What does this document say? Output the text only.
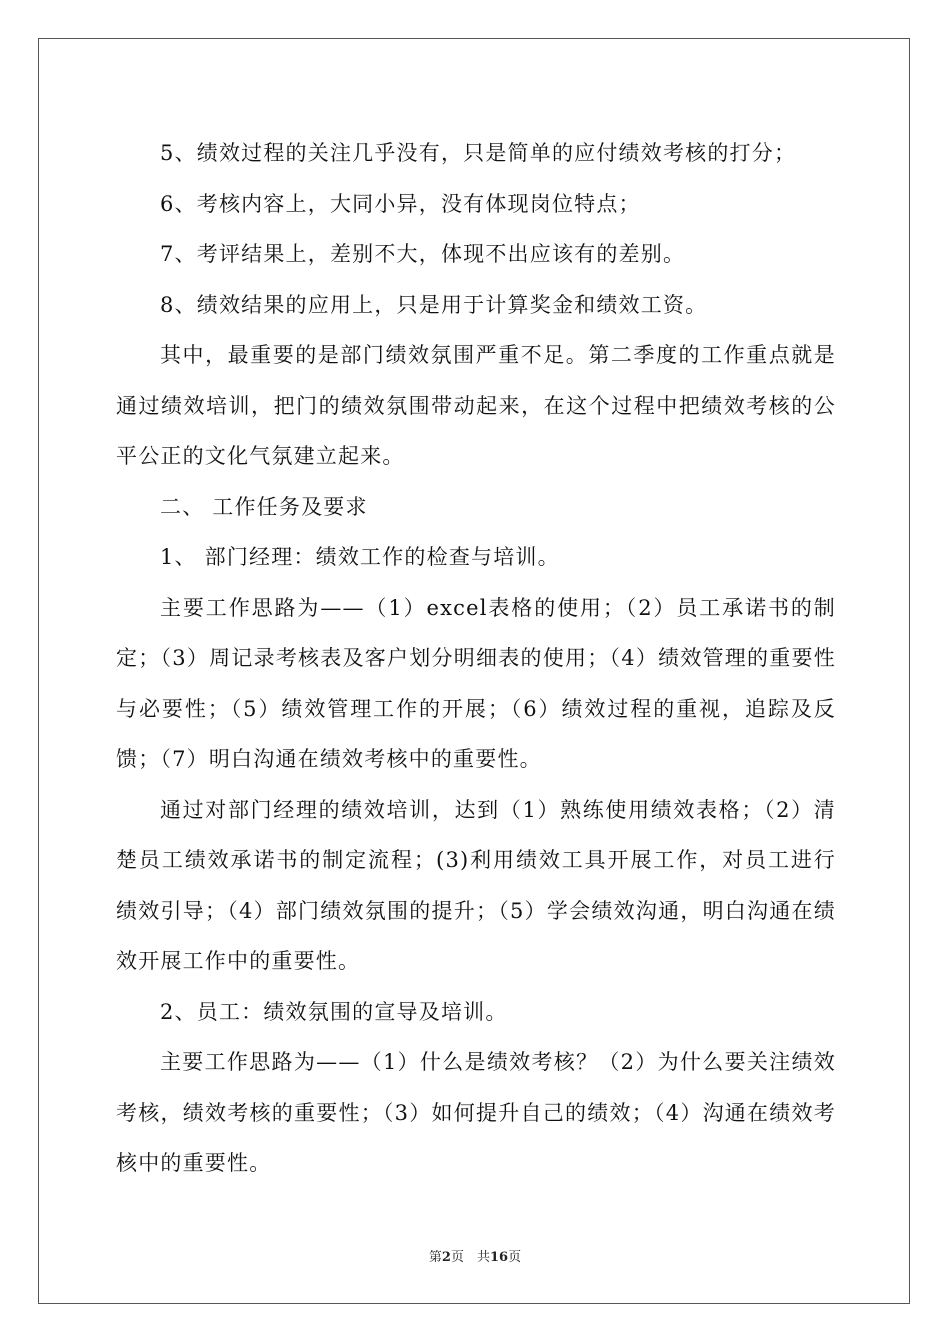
5、绩效过程的关注几乎没有，只是简单的应付绩效考核的打分；

6、考核内容上，大同小异，没有体现岗位特点；

7、考评结果上，差别不大，体现不出应该有的差别。

8、绩效结果的应用上，只是用于计算奖金和绩效工资。

其中，最重要的是部门绩效氛围严重不足。第二季度的工作重点就是通过绩效培训，把门的绩效氛围带动起来，在这个过程中把绩效考核的公平公正的文化气氛建立起来。

二、 工作任务及要求

1、 部门经理：绩效工作的检查与培训。

主要工作思路为——（1）excel表格的使用；（2）员工承诺书的制定；（3）周记录考核表及客户划分明细表的使用；（4）绩效管理的重要性与必要性；（5）绩效管理工作的开展；（6）绩效过程的重视，追踪及反馈；（7）明白沟通在绩效考核中的重要性。

通过对部门经理的绩效培训，达到（1）熟练使用绩效表格；（2）清楚员工绩效承诺书的制定流程；(3)利用绩效工具开展工作，对员工进行绩效引导；（4）部门绩效氛围的提升；（5）学会绩效沟通，明白沟通在绩效开展工作中的重要性。

2、员工：绩效氛围的宣导及培训。

主要工作思路为——（1）什么是绩效考核？（2）为什么要关注绩效考核，绩效考核的重要性；（3）如何提升自己的绩效；（4）沟通在绩效考核中的重要性。

第2页　共16页
